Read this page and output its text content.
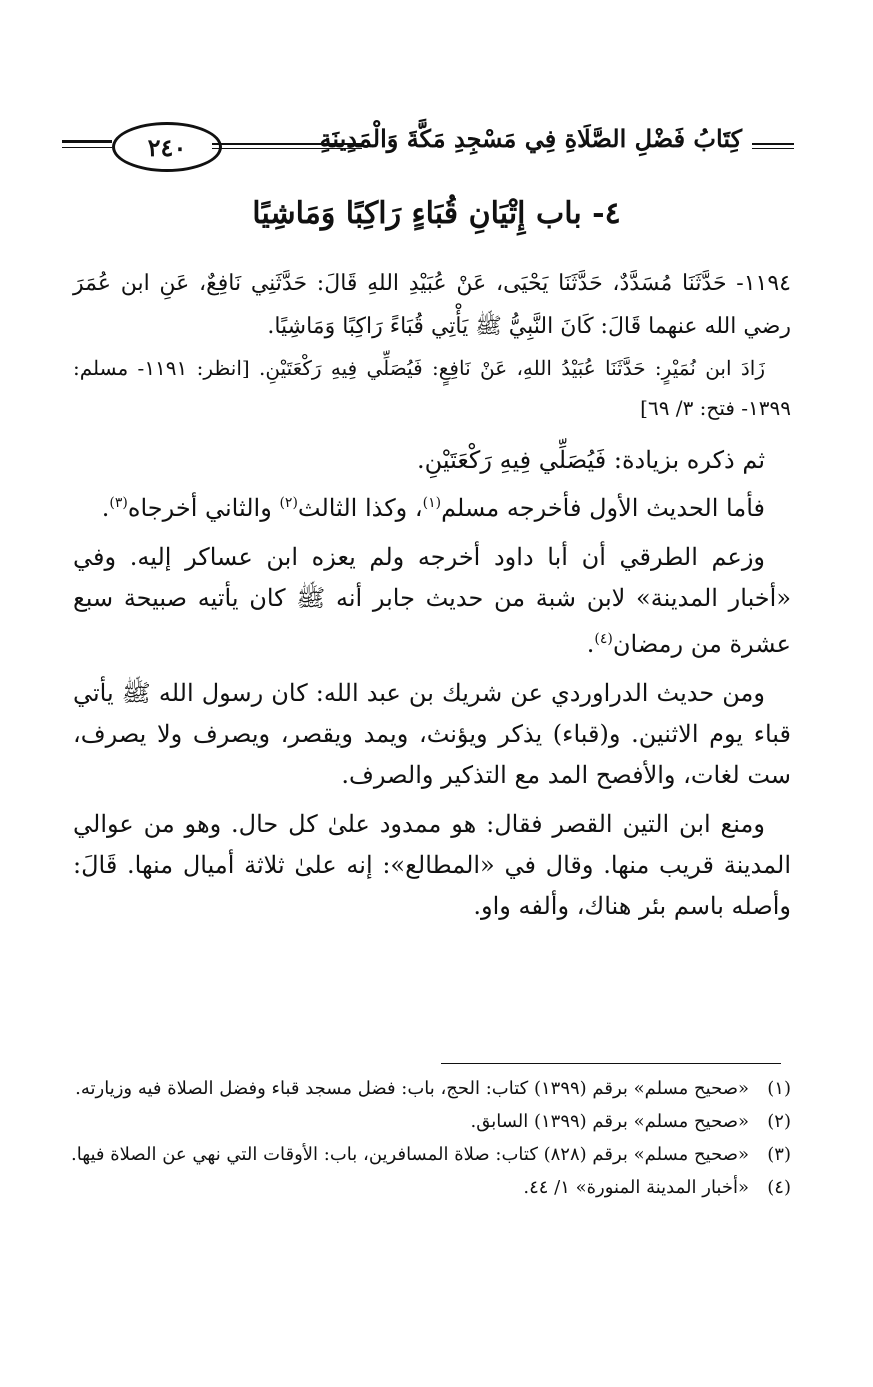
٢٤٠	كِتَابُ فَضْلِ الصَّلَاةِ فِي مَسْجِدِ مَكَّةَ وَالْمَدِينَةِ
٤- باب إِتْيَانِ قُبَاءٍ رَاكِبًا وَمَاشِيًا

١١٩٤- حَدَّثَنَا مُسَدَّدٌ، حَدَّثَنَا يَحْيَى، عَنْ عُبَيْدِ اللهِ قَالَ: حَدَّثَنِي نَافِعٌ، عَنِ ابن عُمَرَ رضي الله عنهما قَالَ: كَانَ النَّبِيُّ ﷺ يَأْتِي قُبَاءً رَاكِبًا وَمَاشِيًا.

زَادَ ابن نُمَيْرٍ: حَدَّثَنَا عُبَيْدُ اللهِ، عَنْ نَافِعٍ: فَيُصَلِّي فِيهِ رَكْعَتَيْنِ. [انظر: ١١٩١- مسلم: ١٣٩٩- فتح: ٣/ ٦٩]

ثم ذكره بزيادة: فَيُصَلِّي فِيهِ رَكْعَتَيْنِ.

فأما الحديث الأول فأخرجه مسلم$^{(١)}$، وكذا الثالث$^{(٢)}$ والثاني أخرجاه$^{(٣)}$.

وزعم الطرقي أن أبا داود أخرجه ولم يعزه ابن عساكر إليه. وفي «أخبار المدينة» لابن شبة من حديث جابر أنه ﷺ كان يأتيه صبيحة سبع عشرة من رمضان$^{(٤)}$.

ومن حديث الدراوردي عن شريك بن عبد الله: كان رسول الله ﷺ يأتي قباء يوم الاثنين. و(قباء) يذكر ويؤنث، ويمد ويقصر، ويصرف ولا يصرف، ست لغات، والأفصح المد مع التذكير والصرف.

ومنع ابن التين القصر فقال: هو ممدود علىٰ كل حال. وهو من عوالي المدينة قريب منها. وقال في «المطالع»: إنه علىٰ ثلاثة أميال منها. قَالَ: وأصله باسم بئر هناك، وألفه واو.

(١)
«صحيح مسلم» برقم (١٣٩٩) كتاب: الحج، باب: فضل مسجد قباء وفضل الصلاة فيه وزيارته.
(٢)
«صحيح مسلم» برقم (١٣٩٩) السابق.
(٣)
«صحيح مسلم» برقم (٨٢٨) كتاب: صلاة المسافرين، باب: الأوقات التي نهي عن الصلاة فيها.
(٤)
«أخبار المدينة المنورة» ١/ ٤٤.
